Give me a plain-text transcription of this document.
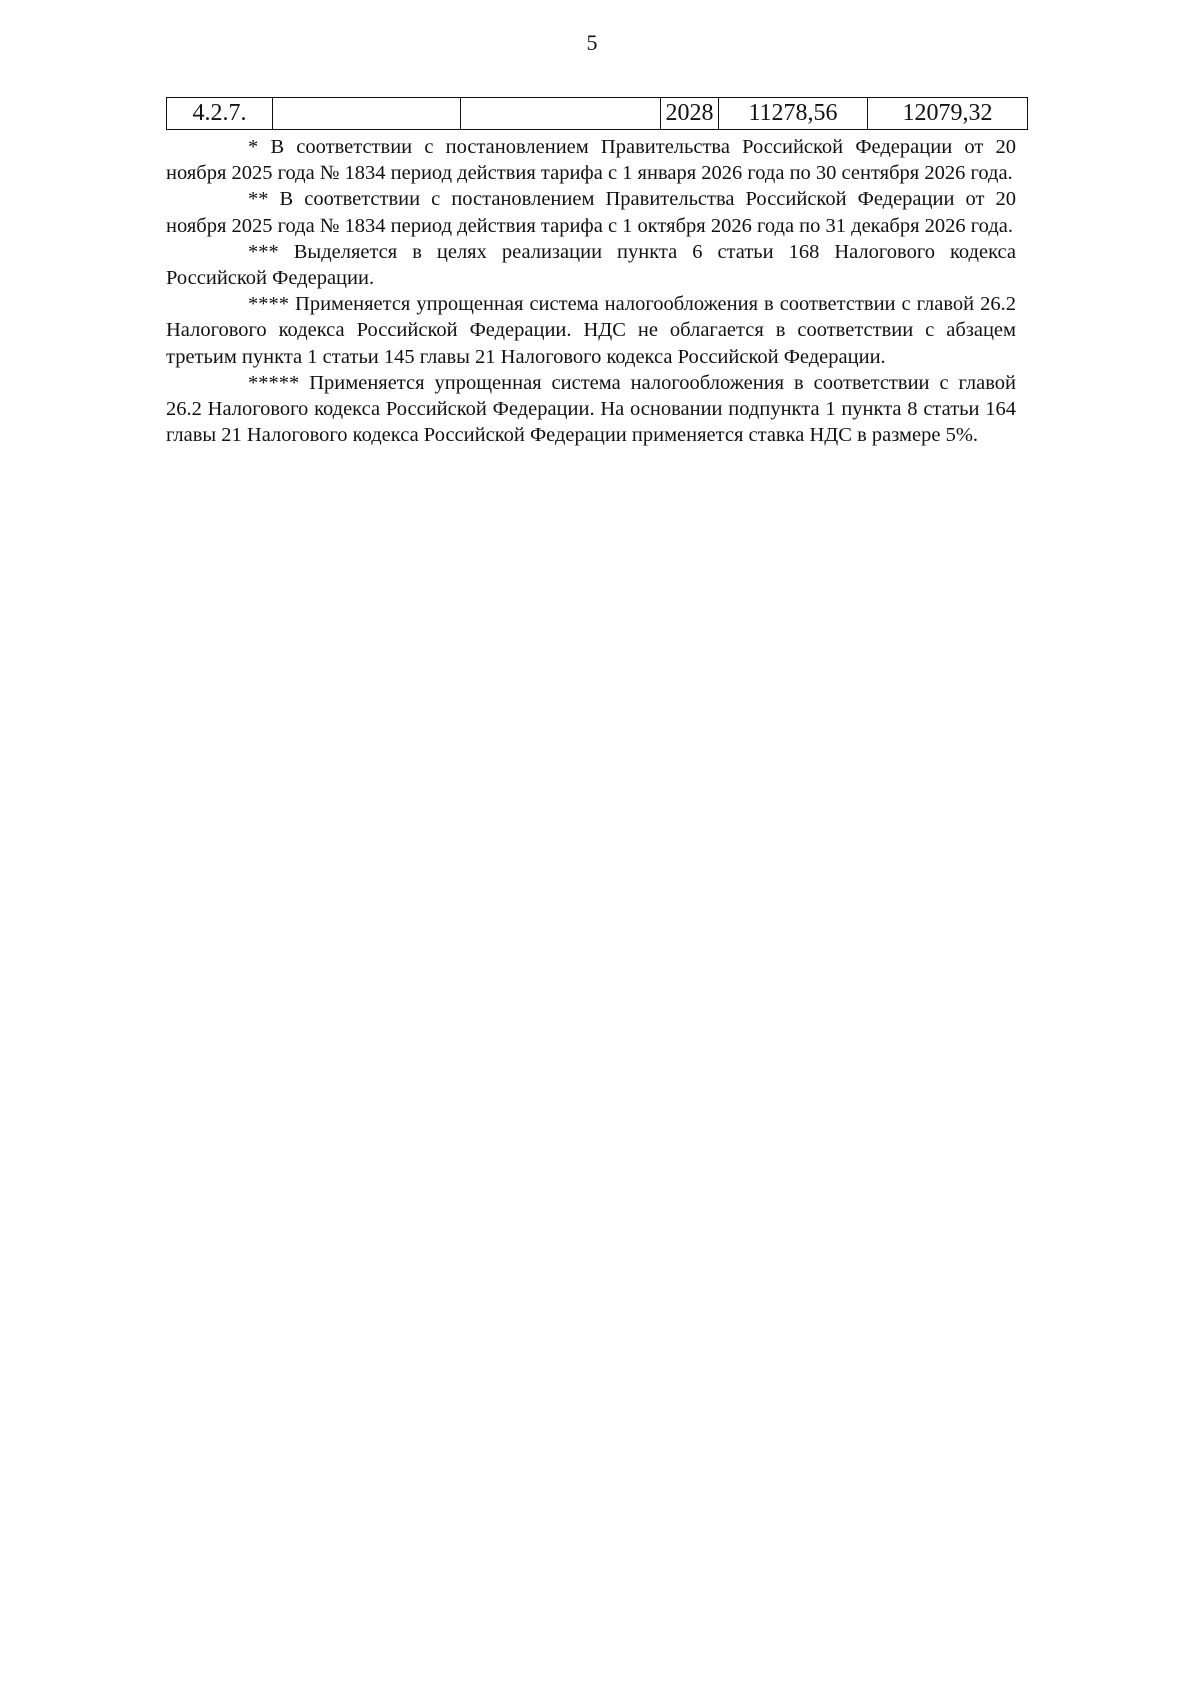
5
4.2.7.			2028	11278,56	12079,32

* В соответствии с постановлением Правительства Российской Федерации от 20 ноября 2025 года № 1834 период действия тарифа с 1 января 2026 года по 30 сентября 2026 года.

** В соответствии с постановлением Правительства Российской Федерации от 20 ноября 2025 года № 1834 период действия тарифа с 1 октября 2026 года по 31 декабря 2026 года.

*** Выделяется в целях реализации пункта 6 статьи 168 Налогового кодекса Российской Федерации.

**** Применяется упрощенная система налогообложения в соответствии с главой 26.2 Налогового кодекса Российской Федерации. НДС не облагается в соответствии с абзацем третьим пункта 1 статьи 145 главы 21 Налогового кодекса Российской Федерации.

***** Применяется упрощенная система налогообложения в соответствии с главой 26.2 Налогового кодекса Российской Федерации. На основании подпункта 1 пункта 8 статьи 164 главы 21 Налогового кодекса Российской Федерации применяется ставка НДС в размере 5%.
